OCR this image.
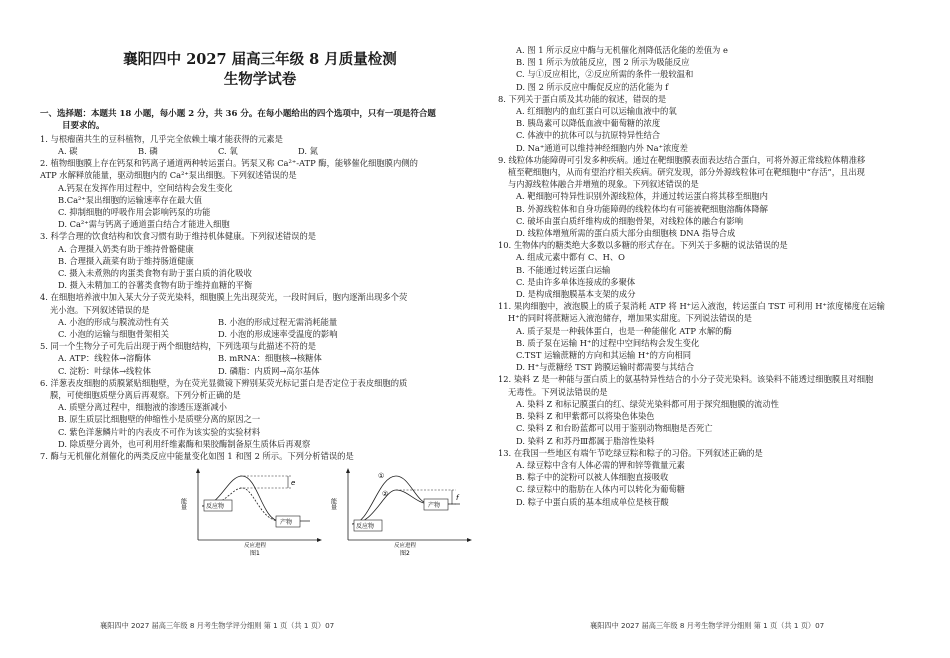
襄阳四中 2027 届高三年级 8 月质量检测
生物学试卷
一、选择题：本题共 18 小题，每小题 2 分，共 36 分。在每小题给出的四个选项中，只有一项是符合题
目要求的。
1. 与根瘤菌共生的豆科植物，几乎完全依赖土壤才能获得的元素是
A. 碳	B. 磷	C. 氧	D. 氮
2. 植物细胞膜上存在钙泵和钙离子通道两种转运蛋白。钙泵又称 Ca²⁺-ATP 酶，能够催化细胞膜内侧的
ATP 水解释放能量，驱动细胞内的 Ca²⁺泵出细胞。下列叙述错误的是
A.钙泵在发挥作用过程中，空间结构会发生变化
B.Ca²⁺泵出细胞的运输速率存在最大值
C. 抑制细胞的呼吸作用会影响钙泵的功能
D. Ca²⁺需与钙离子通道蛋白结合才能进入细胞
3. 科学合理的饮食结构和饮食习惯有助于维持机体健康。下列叙述错误的是
A. 合理摄入奶类有助于维持骨骼健康
B. 合理摄入蔬菜有助于维持肠道健康
C. 摄入未煮熟的肉蛋类食物有助于蛋白质的消化吸收
D. 摄入未精加工的谷薯类食物有助于维持血糖的平衡
4. 在细胞培养液中加入某大分子荧光染料，细胞膜上先出现荧光，一段时间后，胞内逐渐出现多个荧
光小泡。下列叙述错误的是
A. 小泡的形成与膜流动性有关	B. 小泡的形成过程无需消耗能量
C. 小泡的运输与细胞骨架相关	D. 小泡的形成速率受温度的影响
5. 同一个生物分子可先后出现于两个细胞结构，下列选项与此描述不符的是
A. ATP：线粒体→溶酶体	B. mRNA：细胞核→核糖体
C. 淀粉：叶绿体→线粒体	D. 磷脂：内质网→高尔基体
6. 洋葱表皮细胞的质膜紧贴细胞壁，为在荧光显微镜下辨别某荧光标记蛋白是否定位于表皮细胞的质
膜，可使细胞质壁分离后再观察。下列分析正确的是
A. 质壁分离过程中，细胞液的渗透压逐渐减小
B. 原生质层比细胞壁的伸缩性小是质壁分离的原因之一
C. 紫色洋葱鳞片叶的内表皮不可作为该实验的实验材料
D. 除质壁分离外，也可利用纤维素酶和果胶酶制备原生质体后再观察
7. 酶与无机催化剂催化的两类反应中能量变化如图 1 和图 2 所示。下列分析错误的是
能量
e
反应物
产物
反应进程
图1
能量
①
②	f
反应物
产物
反应进程
图2
A. 图 1 所示反应中酶与无机催化剂降低活化能的差值为 e
B. 图 1 所示为放能反应，图 2 所示为吸能反应
C. 与①反应相比，②反应所需的条件一般较温和
D. 图 2 所示反应中酶促反应的活化能为 f
8. 下列关于蛋白质及其功能的叙述，错误的是
A. 红细胞内的血红蛋白可以运输血液中的氧
B. 胰岛素可以降低血液中葡萄糖的浓度
C. 体液中的抗体可以与抗原特异性结合
D. Na⁺通道可以维持神经细胞内外 Na⁺浓度差
9. 线粒体功能障碍可引发多种疾病。通过在靶细胞膜表面表达结合蛋白，可将外源正常线粒体精准移
植至靶细胞内，从而有望治疗相关疾病。研究发现，部分外源线粒体可在靶细胞中“存活”，且出现
与内源线粒体融合并增殖的现象。下列叙述错误的是
A. 靶细胞可特异性识别外源线粒体，并通过转运蛋白将其移至细胞内
B. 外源线粒体和自身功能障碍的线粒体均有可能被靶细胞溶酶体降解
C. 破坏由蛋白质纤维构成的细胞骨架，对线粒体的融合有影响
D. 线粒体增殖所需的蛋白质大部分由细胞核 DNA 指导合成
10. 生物体内的糖类绝大多数以多糖的形式存在。下列关于多糖的说法错误的是
A. 组成元素中都有 C、H、O
B. 不能通过转运蛋白运输
C. 是由许多单体连接成的多聚体
D. 是构成细胞膜基本支架的成分
11. 果肉细胞中，液泡膜上的质子泵消耗 ATP 将 H⁺运入液泡，转运蛋白 TST 可利用 H⁺浓度梯度在运输
H⁺的同时将蔗糖运入液泡储存，增加果实甜度。下列说法错误的是
A. 质子泵是一种载体蛋白，也是一种能催化 ATP 水解的酶
B. 质子泵在运输 H⁺的过程中空间结构会发生变化
C.TST 运输蔗糖的方向和其运输 H⁺的方向相同
D. H⁺与蔗糖经 TST 跨膜运输时都需要与其结合
12. 染料 Z 是一种能与蛋白质上的氨基特异性结合的小分子荧光染料。该染料不能透过细胞膜且对细胞
无毒性。下列说法错误的是
A. 染料 Z 和标记膜蛋白的红、绿荧光染料都可用于探究细胞膜的流动性
B. 染料 Z 和甲紫都可以将染色体染色
C. 染料 Z 和台盼蓝都可以用于鉴别动物细胞是否死亡
D. 染料 Z 和苏丹Ⅲ都属于脂溶性染料
13. 在我国一些地区有端午节吃绿豆粽和粽子的习俗。下列叙述正确的是
A. 绿豆粽中含有人体必需的钾和锌等微量元素
B. 粽子中的淀粉可以被人体细胞直接吸收
C. 绿豆粽中的脂肪在人体内可以转化为葡萄糖
D. 粽子中蛋白质的基本组成单位是核苷酸
襄阳四中 2027 届高三年级 8 月考生物学评分细则 第 1 页（共 1 页）07	襄阳四中 2027 届高三年级 8 月考生物学评分细则 第 1 页（共 1 页）07
